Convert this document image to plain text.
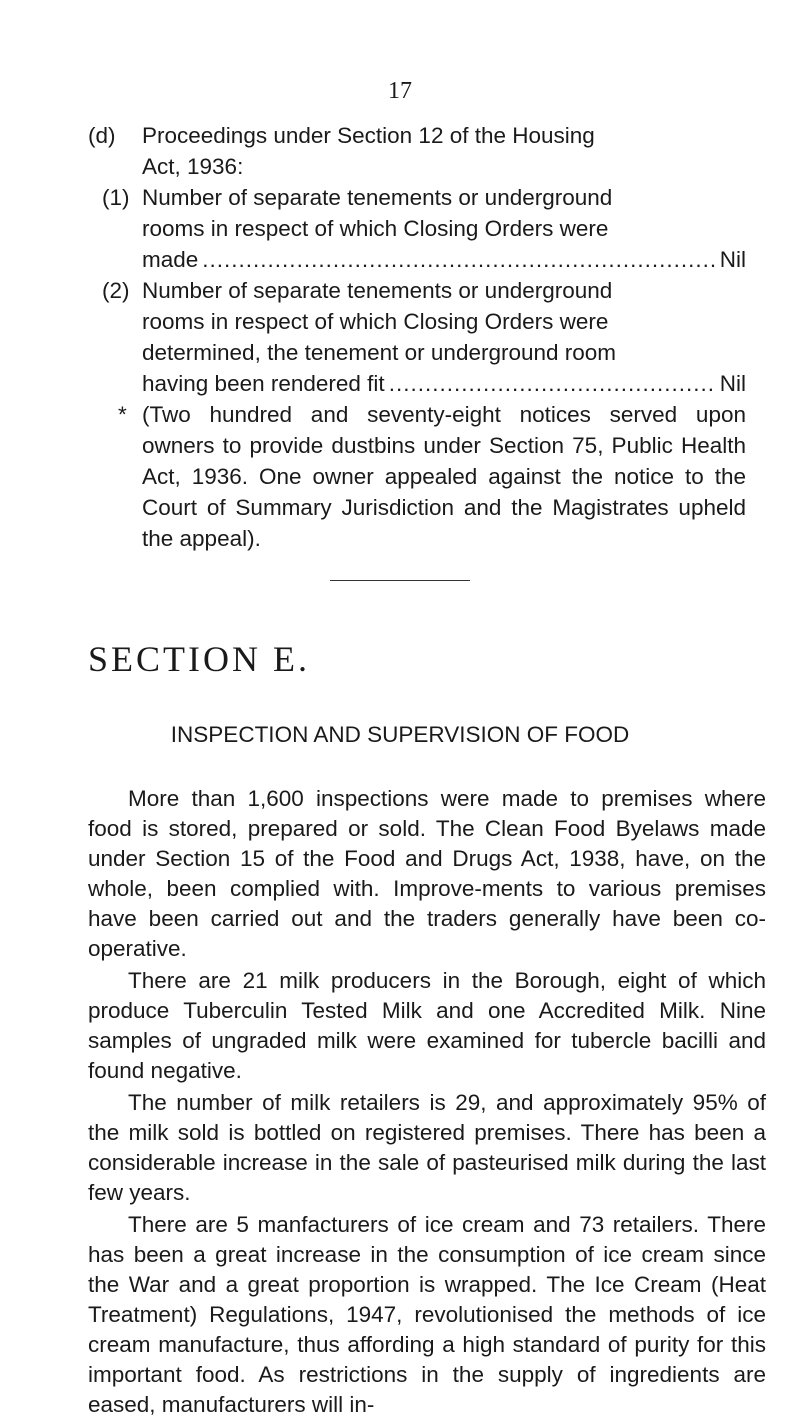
17
(d) Proceedings under Section 12 of the Housing
Act, 1936:
(1) Number of separate tenements or underground
rooms in respect of which Closing Orders were
made .....	Nil
(2) Number of separate tenements or underground
rooms in respect of which Closing Orders were
determined, the tenement or underground room
having been rendered fit .....	Nil
* (Two hundred and seventy-eight notices served upon owners to provide dustbins under Section 75, Public Health Act, 1936. One owner appealed against the notice to the Court of Summary Jurisdiction and the Magistrates upheld the appeal).
SECTION E.
INSPECTION AND SUPERVISION OF FOOD
More than 1,600 inspections were made to premises where food is stored, prepared or sold. The Clean Food Byelaws made under Section 15 of the Food and Drugs Act, 1938, have, on the whole, been complied with. Improve-ments to various premises have been carried out and the traders generally have been co-operative.
There are 21 milk producers in the Borough, eight of which produce Tuberculin Tested Milk and one Accredited Milk. Nine samples of ungraded milk were examined for tubercle bacilli and found negative.
The number of milk retailers is 29, and approximately 95% of the milk sold is bottled on registered premises. There has been a considerable increase in the sale of pasteurised milk during the last few years.
There are 5 manfacturers of ice cream and 73 retailers. There has been a great increase in the consumption of ice cream since the War and a great proportion is wrapped. The Ice Cream (Heat Treatment) Regulations, 1947, revolutionised the methods of ice cream manufacture, thus affording a high standard of purity for this important food. As restrictions in the supply of ingredients are eased, manufacturers will in-
